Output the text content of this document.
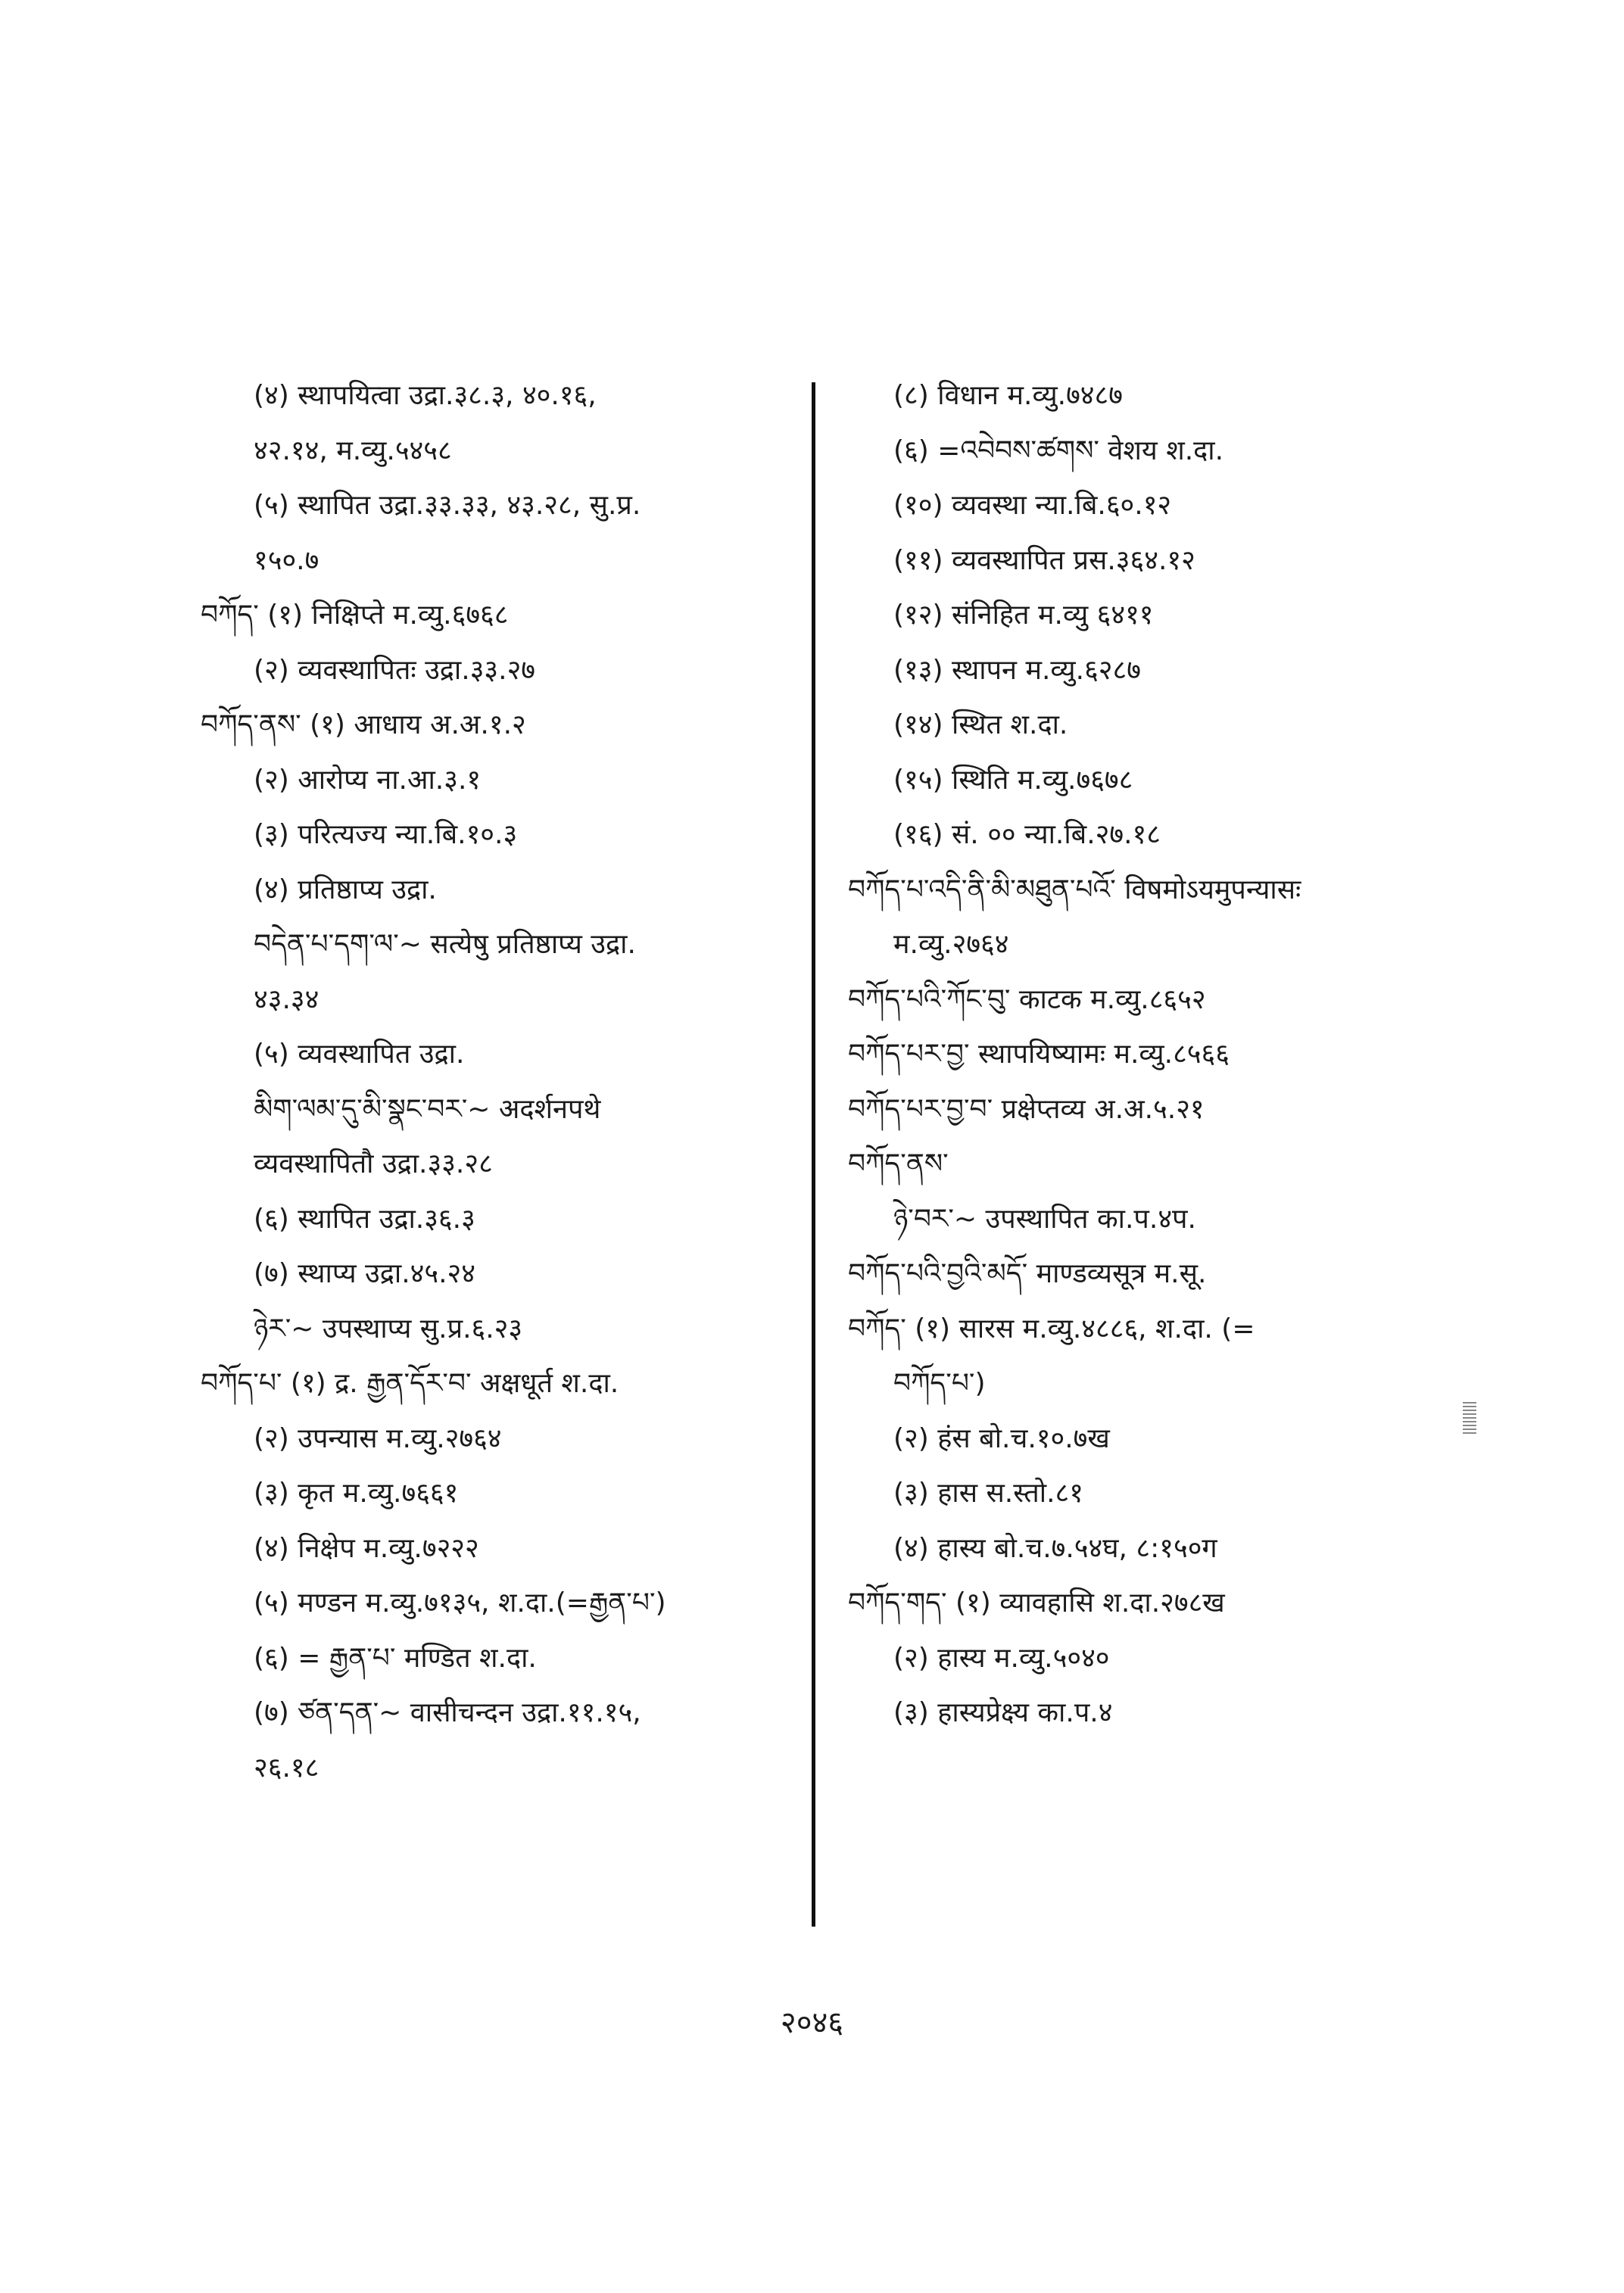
(४) स्थापयित्वा उद्रा.३८.३, ४०.१६,
४२.१४, म.व्यु.५४५८
(५) स्थापित उद्रा.३३.३३, ४३.२८, सु.प्र.
१५०.७
བཀོད་ (१) निक्षिप्ते म.व्यु.६७६८
(२) व्यवस्थापितः उद्रा.३३.२७
བཀོད་ནས་ (१) आधाय अ.अ.१.२
(२) आरोप्य ना.आ.३.१
(३) परित्यज्य न्या.बि.१०.३
(४) प्रतिष्ठाप्य उद्रा.
བདེན་པ་དག་ལ་~ सत्येषु प्रतिष्ठाप्य उद्रा.
४३.३४
(५) व्यवस्थापित उद्रा.
མིག་ལམ་དུ་མི་སྣང་བར་~ अदर्शनपथे
व्यवस्थापितौ उद्रा.३३.२८
(६) स्थापित उद्रा.३६.३
(७) स्थाप्य उद्रा.४५.२४
ཉེར་~ उपस्थाप्य सु.प्र.६.२३
བཀོད་པ་ (१) द्र. རྒྱན་དོར་བ་ अक्षधूर्त श.दा.
(२) उपन्यास म.व्यु.२७६४
(३) कृत म.व्यु.७६६१
(४) निक्षेप म.व्यु.७२२२
(५) मण्डन म.व्यु.७१३५, श.दा.(=རྒྱན་པ་)
(६) = རྒྱན་པ་ मण्डित श.दा.
(७) ཙན་དན་~ वासीचन्दन उद्रा.११.१५,
२६.१८
(८) विधान म.व्यु.७४८७
(६) =འབེབས་ཚགས་ वेशय श.दा.
(१०) व्यवस्था न्या.बि.६०.१२
(११) व्यवस्थापित प्रस.३६४.१२
(१२) संनिहित म.व्यु ६४११
(१३) स्थापन म.व्यु.६२८७
(१४) स्थित श.दा.
(१५) स्थिति म.व्यु.७६७८
(१६) सं. ०० न्या.बि.२७.१८
བཀོད་པ་འདི་ནི་མི་མཐུན་པའོ་ विषमोऽयमुपन्यासः
म.व्यु.२७६४
བཀོད་པའི་ཀོང་བུ་ काटक म.व्यु.८६५२
བཀོད་པར་བྱ་ स्थापयिष्यामः म.व्यु.८५६६
བཀོད་པར་བྱ་བ་ प्रक्षेप्तव्य अ.अ.५.२१
བཀོད་ནས་
ཉེ་བར་~ उपस्थापित का.प.४प.
བཀོད་པའི་བྱའི་མདོ་ माण्डव्यसूत्र म.सू.
བཀོད་ (१) सारस म.व्यु.४८८६, श.दा. (=
བཀོད་པ་)
(२) हंस बो.च.१०.७ख
(३) हास स.स्तो.८१
(४) हास्य बो.च.७.५४घ, ८:१५०ग
བཀོད་གད་ (१) व्यावहासि श.दा.२७८ख
(२) हास्य म.व्यु.५०४०
(३) हास्यप्रेक्ष्य का.प.४
२०४६
